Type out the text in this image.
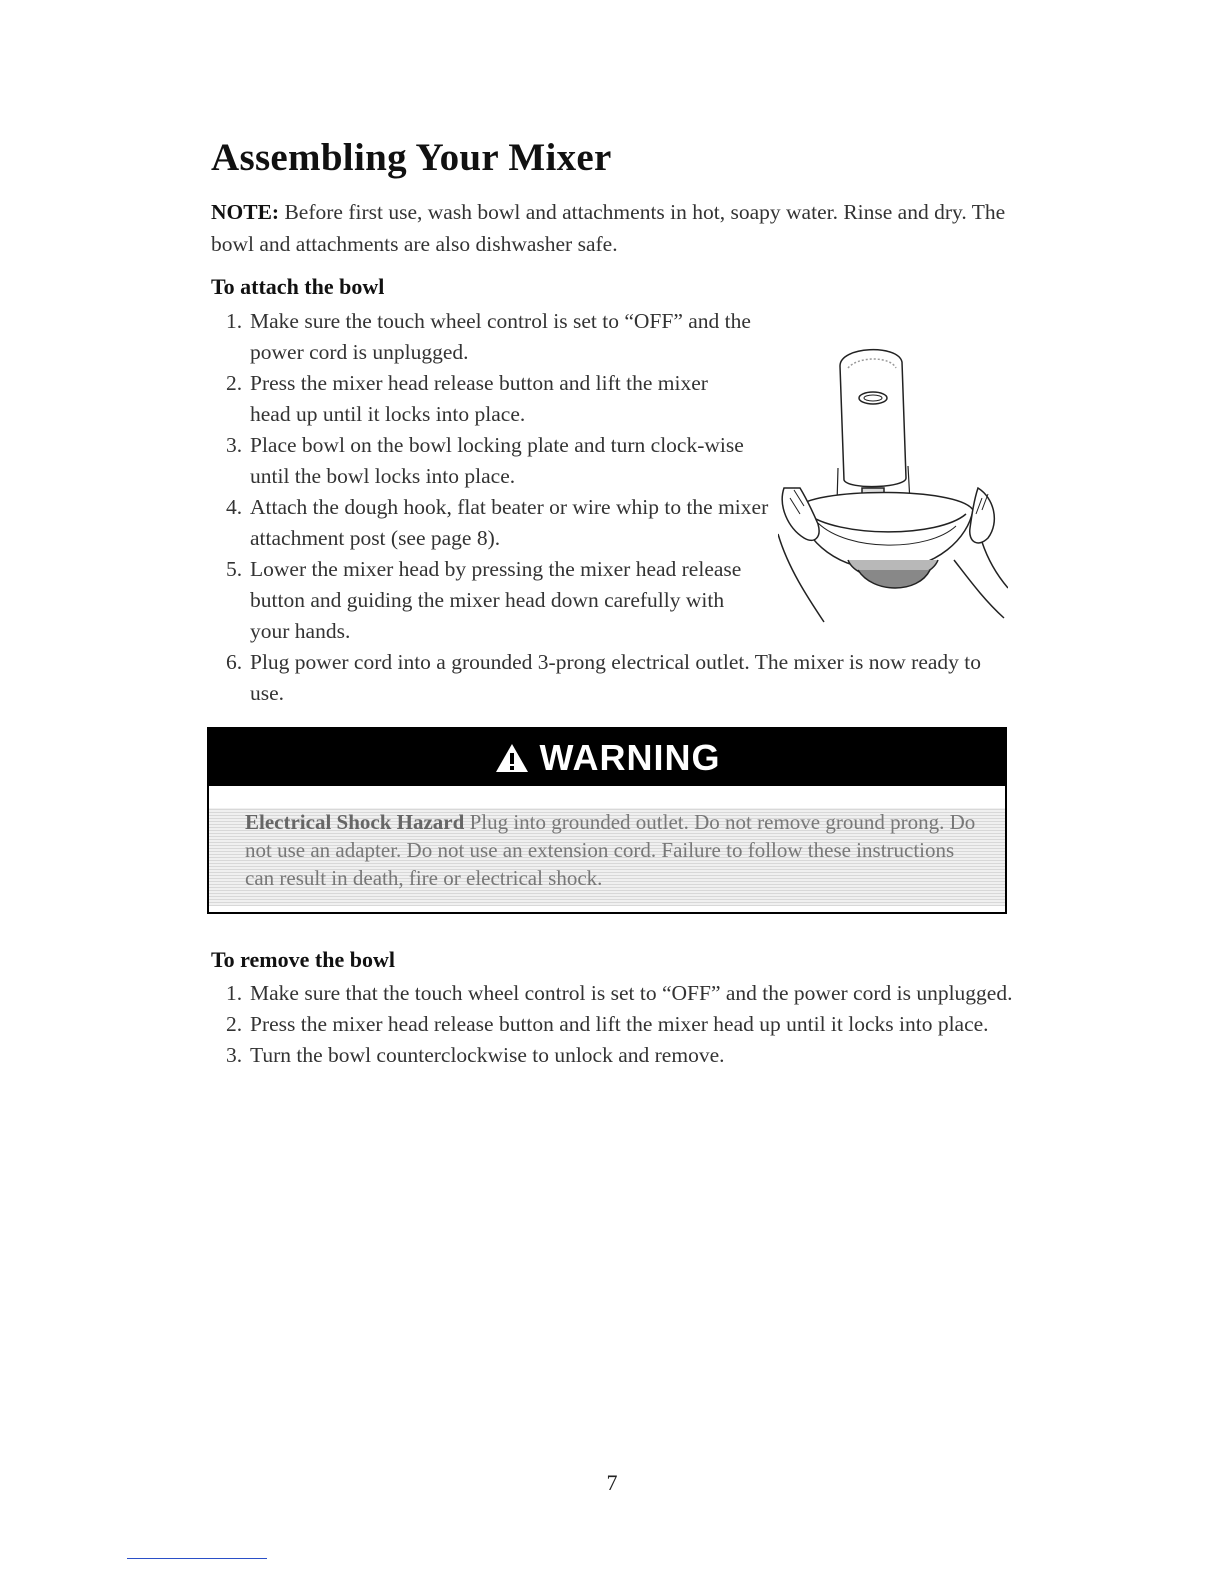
Assembling Your Mixer

NOTE: Before first use, wash bowl and attachments in hot, soapy water. Rinse and dry. The bowl and attachments are also dishwasher safe.

To attach the bowl
1. Make sure the touch wheel control is set to “OFF” and the power cord is unplugged.
2. Press the mixer head release button and lift the mixer head up until it locks into place.
3. Place bowl on the bowl locking plate and turn clock-wise until the bowl locks into place.
4. Attach the dough hook, flat beater or wire whip to the mixer attachment post (see page 8).
5. Lower the mixer head by pressing the mixer head release button and guiding the mixer head down carefully with your hands.
6. Plug power cord into a grounded 3-prong electrical outlet. The mixer is now ready to use.
WARNING
Electrical Shock Hazard Plug into grounded outlet. Do not remove ground prong. Do not use an adapter. Do not use an extension cord. Failure to follow these instructions can result in death, fire or electrical shock.
To remove the bowl
1. Make sure that the touch wheel control is set to “OFF” and the power cord is unplugged.
2. Press the mixer head release button and lift the mixer head up until it locks into place.
3. Turn the bowl counterclockwise to unlock and remove.
7
